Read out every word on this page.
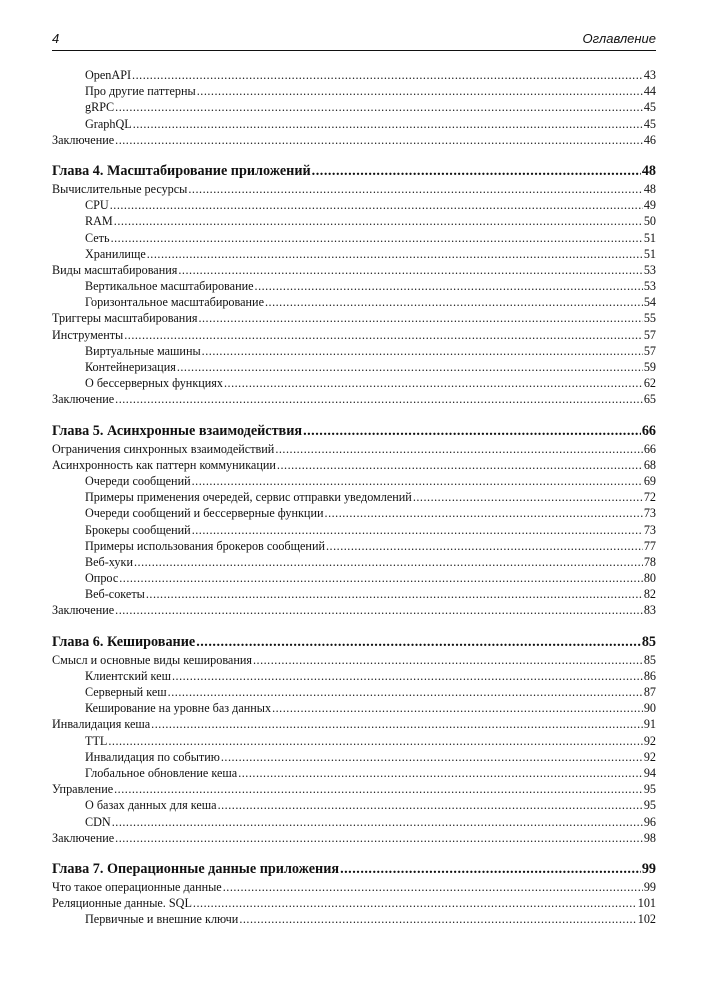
4	Оглавление
OpenAPI .....	43
Про другие паттерны .....	44
gRPC .....	45
GraphQL .....	45
Заключение .....	46
Глава 4. Масштабирование приложений .....	48
Вычислительные ресурсы .....	48
CPU .....	49
RAM .....	50
Сеть .....	51
Хранилище .....	51
Виды масштабирования .....	53
Вертикальное масштабирование .....	53
Горизонтальное масштабирование .....	54
Триггеры масштабирования .....	55
Инструменты .....	57
Виртуальные машины .....	57
Контейнеризация .....	59
О бессерверных функциях .....	62
Заключение .....	65
Глава 5. Асинхронные взаимодействия .....	66
Ограничения синхронных взаимодействий .....	66
Асинхронность как паттерн коммуникации .....	68
Очереди сообщений .....	69
Примеры применения очередей, сервис отправки уведомлений .....	72
Очереди сообщений и бессерверные функции .....	73
Брокеры сообщений .....	73
Примеры использования брокеров сообщений .....	77
Веб-хуки .....	78
Опрос .....	80
Веб-сокеты .....	82
Заключение .....	83
Глава 6. Кеширование .....	85
Смысл и основные виды кеширования .....	85
Клиентский кеш .....	86
Серверный кеш .....	87
Кеширование на уровне баз данных .....	90
Инвалидация кеша .....	91
TTL .....	92
Инвалидация по событию .....	92
Глобальное обновление кеша .....	94
Управление .....	95
О базах данных для кеша .....	95
CDN .....	96
Заключение .....	98
Глава 7. Операционные данные приложения .....	99
Что такое операционные данные .....	99
Реляционные данные. SQL .....	101
Первичные и внешние ключи .....	102
